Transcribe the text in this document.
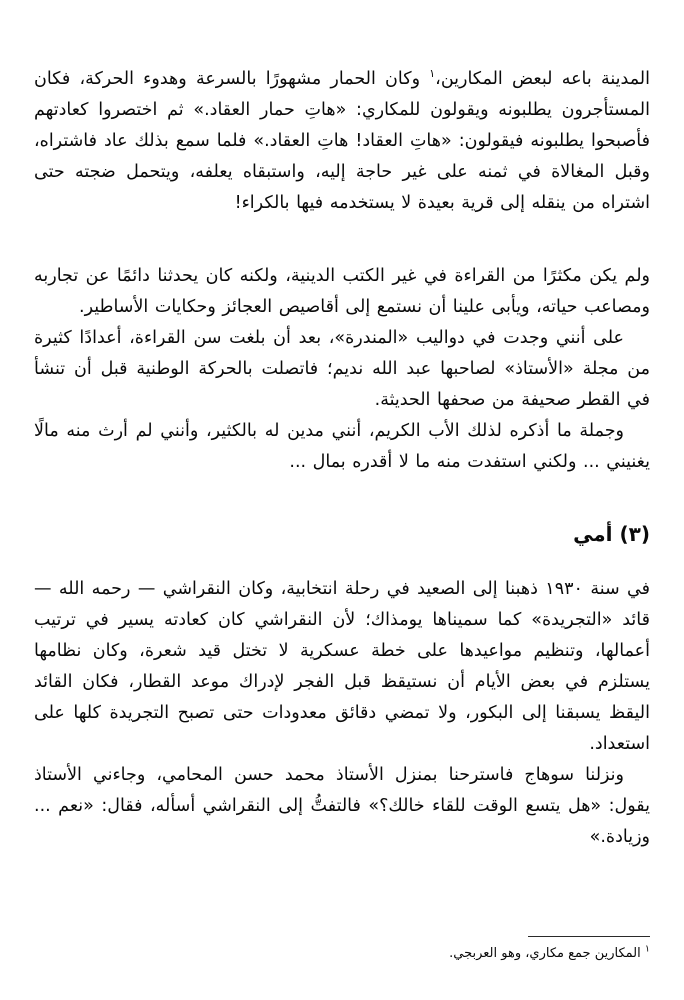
المدينة باعه لبعض المكارين،$^١$ وكان الحمار مشهورًا بالسرعة وهدوء الحركة، فكان المستأجرون يطلبونه ويقولون للمكاري: «هاتِ حمار العقاد.» ثم اختصروا كعادتهم فأصبحوا يطلبونه فيقولون: «هاتِ العقاد! هاتِ العقاد.» فلما سمع بذلك عاد فاشتراه، وقبل المغالاة في ثمنه على غير حاجة إليه، واستبقاه يعلفه، ويتحمل ضجته حتى اشتراه من ينقله إلى قرية بعيدة لا يستخدمه فيها بالكراء!

ولم يكن مكثرًا من القراءة في غير الكتب الدينية، ولكنه كان يحدثنا دائمًا عن تجاربه ومصاعب حياته، ويأبى علينا أن نستمع إلى أقاصيص العجائز وحكايات الأساطير.

على أنني وجدت في دواليب «المندرة»، بعد أن بلغت سن القراءة، أعدادًا كثيرة من مجلة «الأستاذ» لصاحبها عبد الله نديم؛ فاتصلت بالحركة الوطنية قبل أن تنشأ في القطر صحيفة من صحفها الحديثة.

وجملة ما أذكره لذلك الأب الكريم، أنني مدين له بالكثير، وأنني لم أرث منه مالًا يغنيني ... ولكني استفدت منه ما لا أقدره بمال ...

(٣) أمي

في سنة ١٩٣٠ ذهبنا إلى الصعيد في رحلة انتخابية، وكان النقراشي — رحمه الله — قائد «التجريدة» كما سميناها يومذاك؛ لأن النقراشي كان كعادته يسير في ترتيب أعمالها، وتنظيم مواعيدها على خطة عسكرية لا تختل قيد شعرة، وكان نظامها يستلزم في بعض الأيام أن نستيقظ قبل الفجر لإدراك موعد القطار، فكان القائد اليقظ يسبقنا إلى البكور، ولا تمضي دقائق معدودات حتى تصبح التجريدة كلها على استعداد.

ونزلنا سوهاج فاسترحنا بمنزل الأستاذ محمد حسن المحامي، وجاءني الأستاذ يقول: «هل يتسع الوقت للقاء خالك؟» فالتفتُّ إلى النقراشي أسأله، فقال: «نعم ... وزيادة.»

$^١$ المكارين جمع مكاري، وهو العربجي.
